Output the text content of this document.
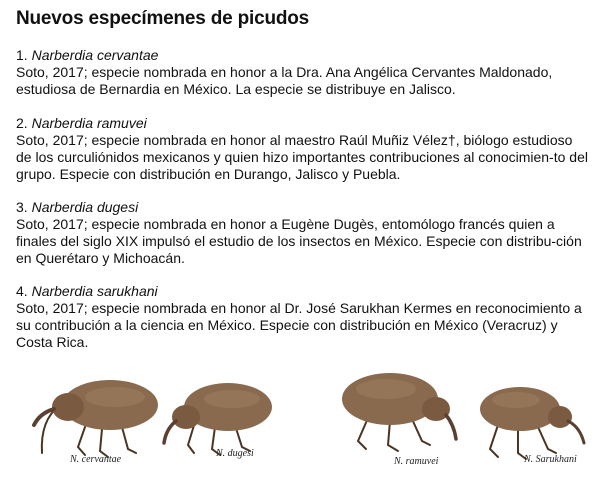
Nuevos especímenes de picudos
1. Narberdia cervantae
Soto, 2017; especie nombrada en honor a la Dra. Ana Angélica Cervantes Maldonado, estudiosa de Bernardia en México. La especie se distribuye en Jalisco.
2. Narberdia ramuvei
Soto, 2017; especie nombrada en honor al maestro Raúl Muñiz Vélez†, biólogo estudioso de los curculiónidos mexicanos y quien hizo importantes contribuciones al conocimien-to del grupo. Especie con distribución en Durango, Jalisco y Puebla.
3. Narberdia dugesi
Soto, 2017; especie nombrada en honor a Eugène Dugès, entomólogo francés quien a finales del siglo XIX impulsó el estudio de los insectos en México. Especie con distribu-ción en Querétaro y Michoacán.
4. Narberdia sarukhani
Soto, 2017; especie nombrada en honor al Dr. José Sarukhan Kermes en reconocimiento a su contribución a la ciencia en México. Especie con distribución en México (Veracruz) y Costa Rica.
N. cervantae
N. dugesi
N. ramuvei	N. Sarukhani
